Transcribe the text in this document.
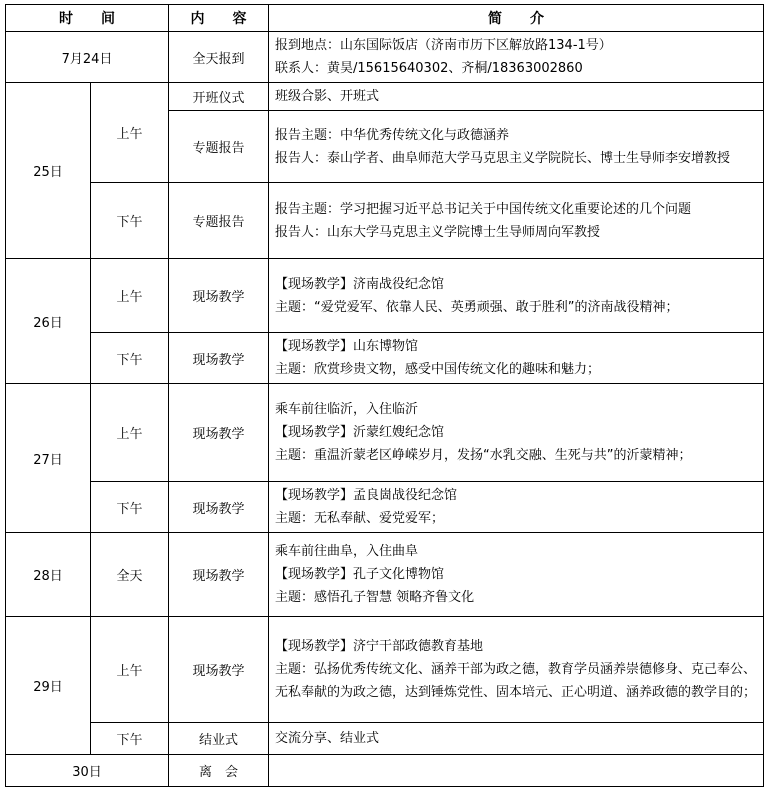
时　　间		内　　容	简　　介
7月24日		全天报到	报到地点：山东国际饭店（济南市历下区解放路134-1号）
联系人：黄昊/15615640302、齐桐/18363002860

25日	上午	开班仪式	班级合影、开班式

		专题报告	报告主题：中华优秀传统文化与政德涵养
报告人：泰山学者、曲阜师范大学马克思主义学院院长、博士生导师李安增教授

	下午	专题报告	报告主题：学习把握习近平总书记关于中国传统文化重要论述的几个问题
报告人：山东大学马克思主义学院博士生导师周向军教授

26日	上午	现场教学	【现场教学】济南战役纪念馆
主题：“爱党爱军、依靠人民、英勇顽强、敢于胜利”的济南战役精神；

	下午	现场教学	【现场教学】山东博物馆
主题：欣赏珍贵文物，感受中国传统文化的趣味和魅力；

27日	上午	现场教学	乘车前往临沂，入住临沂
【现场教学】沂蒙红嫂纪念馆
主题：重温沂蒙老区峥嵘岁月，发扬“水乳交融、生死与共”的沂蒙精神；

	下午	现场教学	【现场教学】孟良崮战役纪念馆
主题：无私奉献、爱党爱军；

28日	全天	现场教学	乘车前往曲阜，入住曲阜
【现场教学】孔子文化博物馆
主题：感悟孔子智慧 领略齐鲁文化

29日	上午	现场教学	【现场教学】济宁干部政德教育基地
主题：弘扬优秀传统文化、涵养干部为政之德，教育学员涵养崇德修身、克己奉公、无私奉献的为政之德，达到锤炼党性、固本培元、正心明道、涵养政德的教学目的；

	下午	结业式	交流分享、结业式

30日		离　会	
